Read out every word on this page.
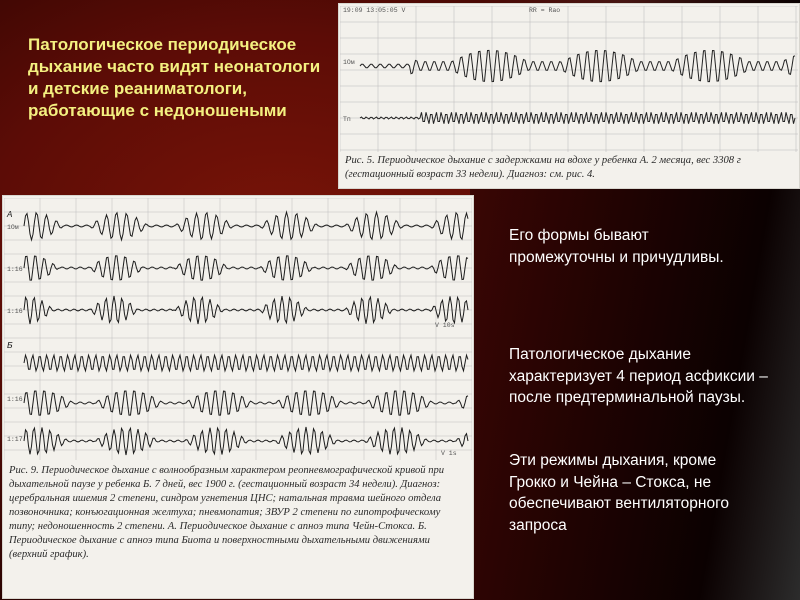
Патологическое периодическое дыхание часто видят неонатологи и детские реаниматологи, работающие с недоношеными
19:09 13:05:05 V	RR = Rao
1Ом
Тп
Рис. 5. Периодическое дыхание с задержками на вдохе у ребенка А. 2 месяца, вес 3308 г (гестационный возраст 33 недели). Диагноз: см. рис. 4.
A
1Ом
1:16
1:16
V 10s
Б
1:16
1:17
V 1s
Рис. 9. Периодическое дыхание с волнообразным характером реопневмографической кривой при дыхательной паузе у ребенка Б. 7 дней, вес 1900 г. (гестационный возраст 34 недели). Диагноз: церебральная ишемия 2 степени, синдром угнетения ЦНС; натальная травма шейного отдела позвоночника; конъюгационная желтуха; пневмопатия; ЗВУР 2 степени по гипотрофическому типу; недоношенность 2 степени. А. Периодическое дыхание с апноэ типа Чейн-Стокса. Б. Периодическое дыхание с апноэ типа Биота и поверхностными дыхательными движениями (верхний график).
Его формы бывают промежуточны и причудливы.
Патологическое дыхание характеризует 4 период асфиксии – после предтерминальной паузы.
Эти режимы дыхания, кроме Гроккo и Чейна – Стокса, не обеспечивают вентиляторного запроса
